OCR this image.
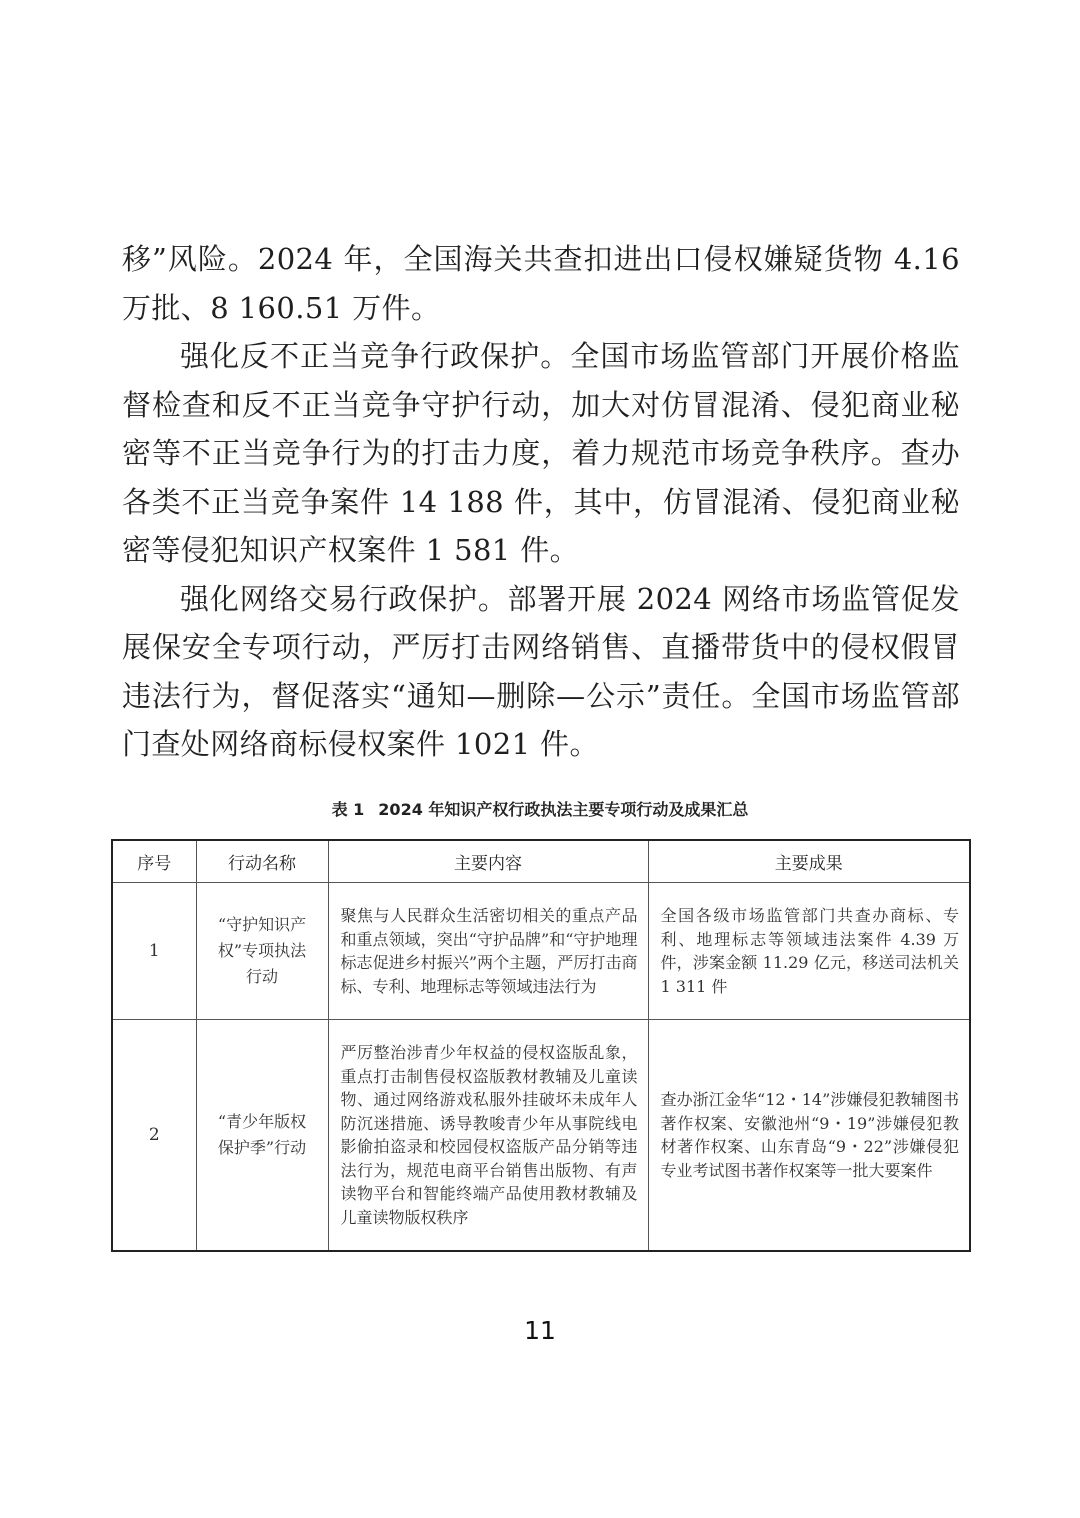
移”风险。2024 年，全国海关共查扣进出口侵权嫌疑货物 4.16 万批、8 160.51 万件。

强化反不正当竞争行政保护。全国市场监管部门开展价格监督检查和反不正当竞争守护行动，加大对仿冒混淆、侵犯商业秘密等不正当竞争行为的打击力度，着力规范市场竞争秩序。查办各类不正当竞争案件 14 188 件，其中，仿冒混淆、侵犯商业秘密等侵犯知识产权案件 1 581 件。

强化网络交易行政保护。部署开展 2024 网络市场监管促发展保安全专项行动，严厉打击网络销售、直播带货中的侵权假冒违法行为，督促落实“通知—删除—公示”责任。全国市场监管部门查处网络商标侵权案件 1021 件。

表 1 2024 年知识产权行政执法主要专项行动及成果汇总
序号	行动名称	主要内容	主要成果
1	“守护知识产权”专项执法行动	聚焦与人民群众生活密切相关的重点产品和重点领域，突出“守护品牌”和“守护地理标志促进乡村振兴”两个主题，严厉打击商标、专利、地理标志等领域违法行为	全国各级市场监管部门共查办商标、专利、地理标志等领域违法案件 4.39 万件，涉案金额 11.29 亿元，移送司法机关 1 311 件
2	“青少年版权保护季”行动	严厉整治涉青少年权益的侵权盗版乱象，重点打击制售侵权盗版教材教辅及儿童读物、通过网络游戏私服外挂破坏未成年人防沉迷措施、诱导教唆青少年从事院线电影偷拍盗录和校园侵权盗版产品分销等违法行为，规范电商平台销售出版物、有声读物平台和智能终端产品使用教材教辅及儿童读物版权秩序	查办浙江金华“12・14”涉嫌侵犯教辅图书著作权案、安徽池州“9・19”涉嫌侵犯教材著作权案、山东青岛“9・22”涉嫌侵犯专业考试图书著作权案等一批大要案件
11
